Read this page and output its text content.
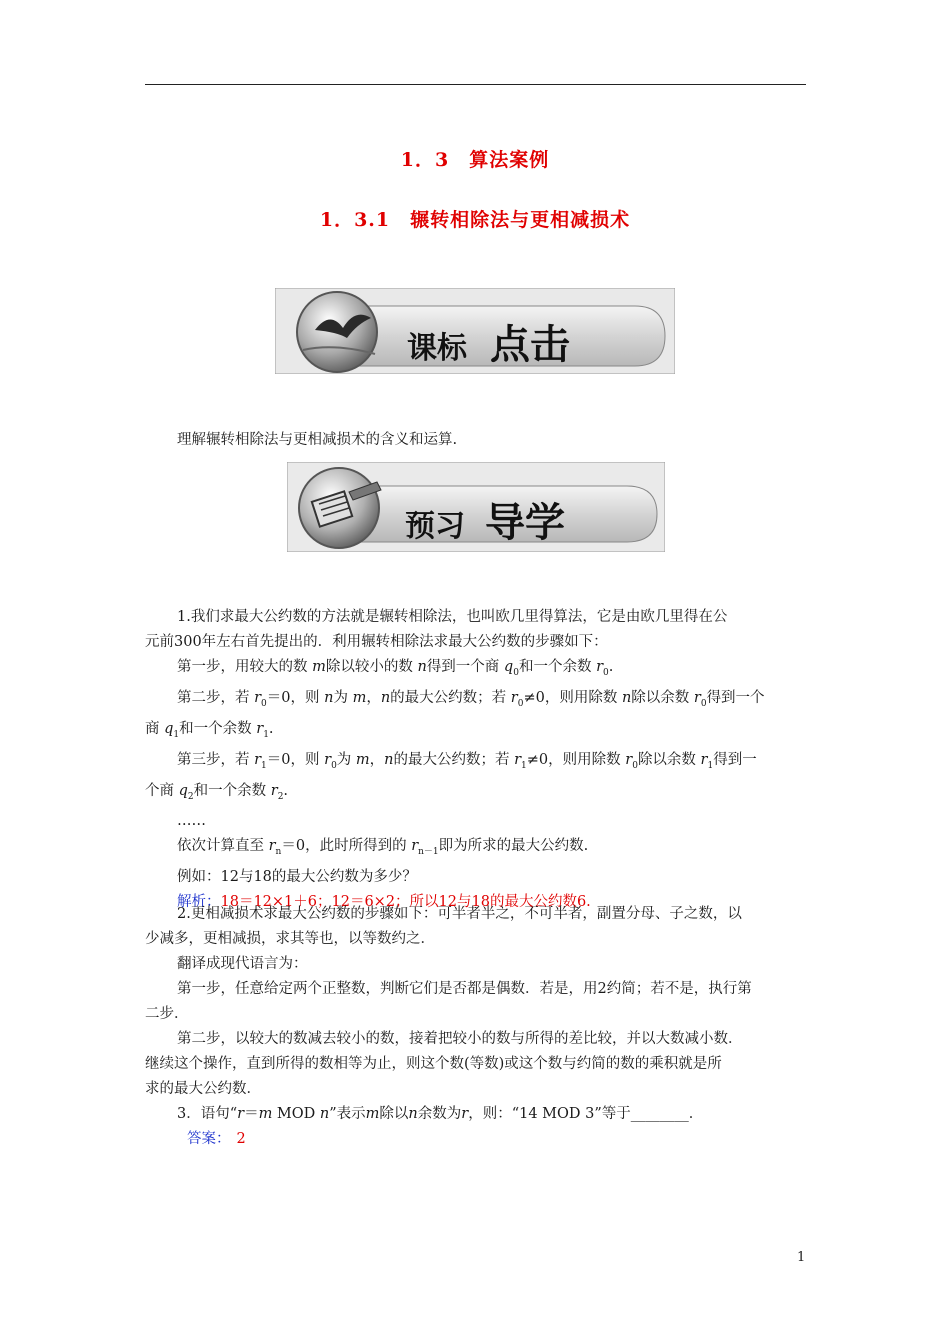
1．3　算法案例
1．3.1　辗转相除法与更相减损术
课标 点击
理解辗转相除法与更相减损术的含义和运算.
预习 导学

1.我们求最大公约数的方法就是辗转相除法，也叫欧几里得算法，它是由欧几里得在公

元前300年左右首先提出的．利用辗转相除法求最大公约数的步骤如下：

第一步，用较大的数 m除以较小的数 n得到一个商 $q_0$和一个余数 $r_0$.

第二步，若 $r_0=0$，则 n为 m，n的最大公约数；若 $r_0\ne 0$，则用除数 n除以余数 $r_0$得到一个

商 $q_1$和一个余数 $r_1$.

第三步，若 $r_1=0$，则 $r_0$为 m，n的最大公约数；若 $r_1\ne 0$，则用除数 $r_0$除以余数 $r_1$得到一

个商 $q_2$和一个余数 $r_2$.

……

依次计算直至 $r_n=0$，此时所得到的 $r_{n-1}$即为所求的最大公约数.

例如：12与18的最大公约数为多少？

解析：18＝12×1＋6；12＝6×2；所以12与18的最大公约数6.

2.更相减损术求最大公约数的步骤如下：可半者半之，不可半者，副置分母、子之数，以

少减多，更相减损，求其等也，以等数约之．

翻译成现代语言为：

第一步，任意给定两个正整数，判断它们是否都是偶数．若是，用2约简；若不是，执行第

二步．

第二步，以较大的数减去较小的数，接着把较小的数与所得的差比较，并以大数减小数．

继续这个操作，直到所得的数相等为止，则这个数(等数)或这个数与约简的数的乘积就是所

求的最大公约数．

3．语句“r＝m MOD n”表示m除以n余数为r，则：“14 MOD 3”等于________．

答案： 2

1
